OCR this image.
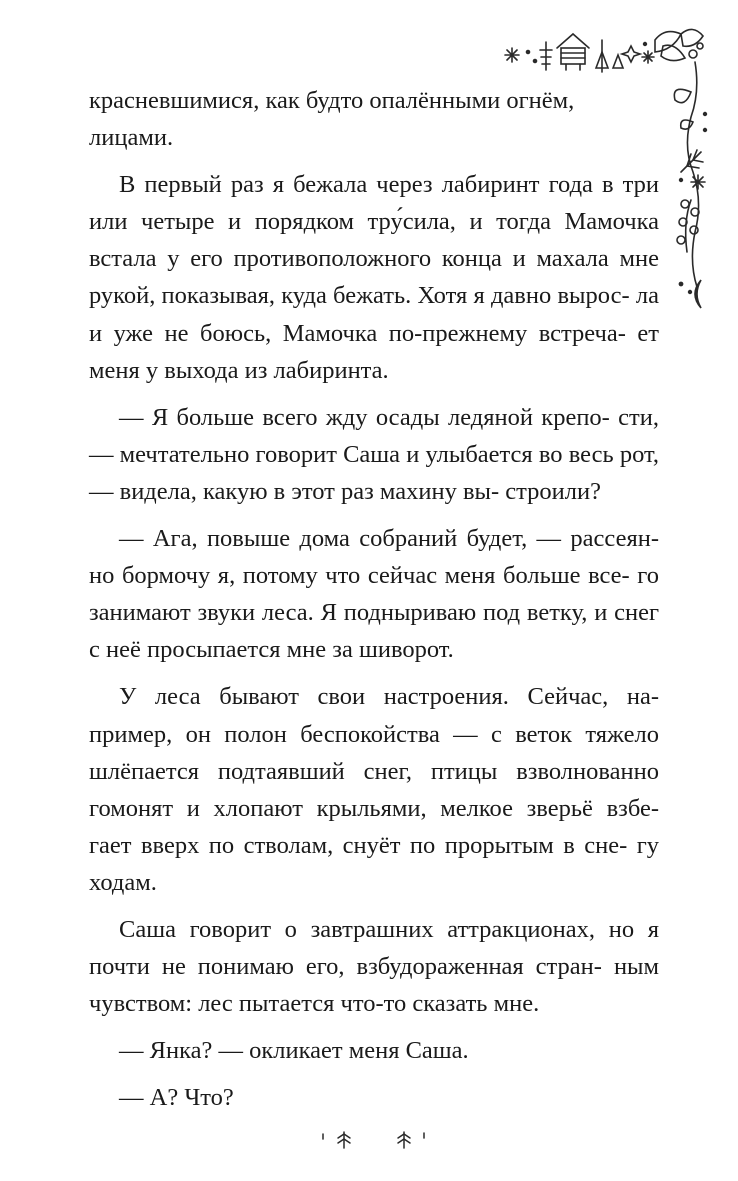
красневшимися, как будто опалёнными огнём,
лицами.

В первый раз я бежала через лабиринт года в три или четыре и порядком тру́сила, и тогда Мамочка встала у его противоположного конца и махала мне рукой, показывая, куда бежать. Хотя я давно вырос- ла и уже не боюсь, Мамочка по-прежнему встреча- ет меня у выхода из лабиринта.

— Я больше всего жду осады ледяной крепо- сти, — мечтательно говорит Саша и улыбается во весь рот, — видела, какую в этот раз махину вы- строили?

— Ага, повыше дома собраний будет, — рассеян- но бормочу я, потому что сейчас меня больше все- го занимают звуки леса. Я подныриваю под ветку, и снег с неё просыпается мне за шиворот.

У леса бывают свои настроения. Сейчас, на- пример, он полон беспокойства — с веток тяжело шлёпается подтаявший снег, птицы взволнованно гомонят и хлопают крыльями, мелкое зверьё взбе- гает вверх по стволам, снуёт по прорытым в сне- гу ходам.

Саша говорит о завтрашних аттракционах, но я почти не понимаю его, взбудораженная стран- ным чувством: лес пытается что-то сказать мне.

— Янка? — окликает меня Саша.

— А? Что?
